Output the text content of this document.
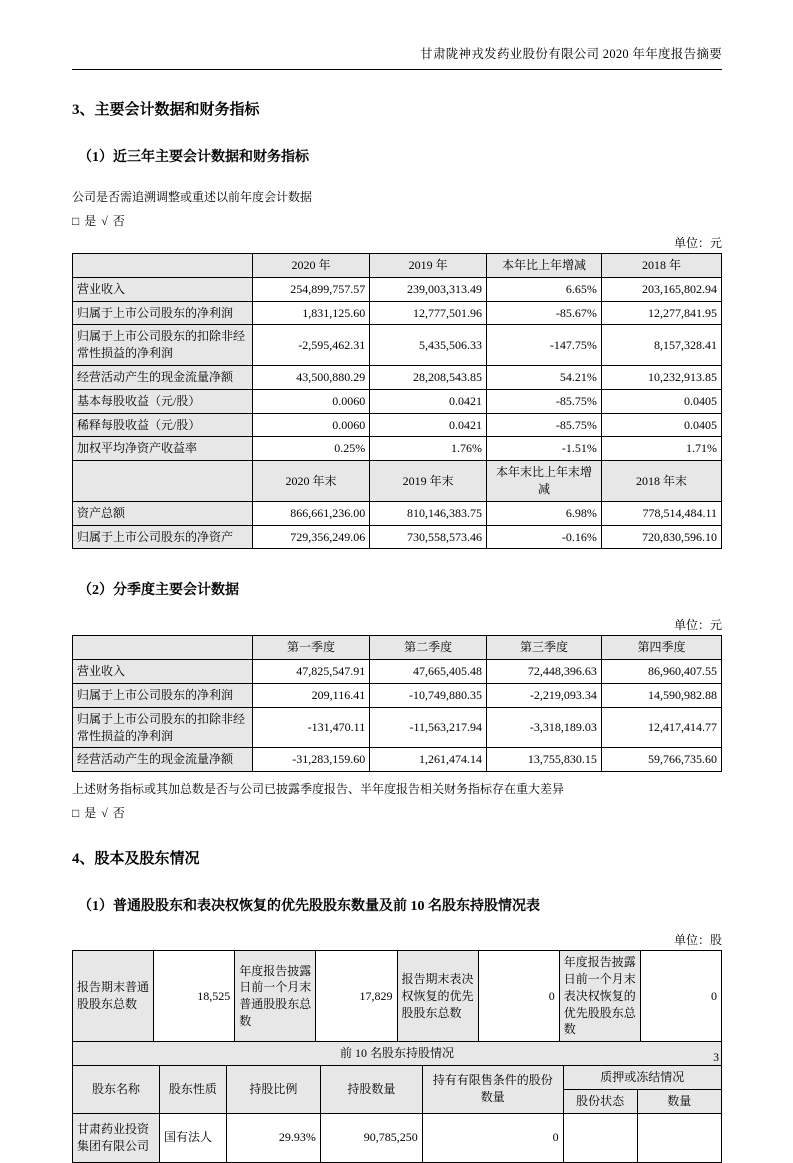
甘肃陇神戎发药业股份有限公司 2020 年年度报告摘要
3、主要会计数据和财务指标
（1）近三年主要会计数据和财务指标

公司是否需追溯调整或重述以前年度会计数据

□ 是 √ 否

单位：元

	2020 年	2019 年	本年比上年增减	2018 年
营业收入	254,899,757.57	239,003,313.49	6.65%	203,165,802.94
归属于上市公司股东的净利润	1,831,125.60	12,777,501.96	-85.67%	12,277,841.95
归属于上市公司股东的扣除非经常性损益的净利润	-2,595,462.31	5,435,506.33	-147.75%	8,157,328.41
经营活动产生的现金流量净额	43,500,880.29	28,208,543.85	54.21%	10,232,913.85
基本每股收益（元/股）	0.0060	0.0421	-85.75%	0.0405
稀释每股收益（元/股）	0.0060	0.0421	-85.75%	0.0405
加权平均净资产收益率	0.25%	1.76%	-1.51%	1.71%
	2020 年末	2019 年末	本年末比上年末增减	2018 年末
资产总额	866,661,236.00	810,146,383.75	6.98%	778,514,484.11
归属于上市公司股东的净资产	729,356,249.06	730,558,573.46	-0.16%	720,830,596.10
（2）分季度主要会计数据

单位：元

	第一季度	第二季度	第三季度	第四季度
营业收入	47,825,547.91	47,665,405.48	72,448,396.63	86,960,407.55
归属于上市公司股东的净利润	209,116.41	-10,749,880.35	-2,219,093.34	14,590,982.88
归属于上市公司股东的扣除非经常性损益的净利润	-131,470.11	-11,563,217.94	-3,318,189.03	12,417,414.77
经营活动产生的现金流量净额	-31,283,159.60	1,261,474.14	13,755,830.15	59,766,735.60

上述财务指标或其加总数是否与公司已披露季度报告、半年度报告相关财务指标存在重大差异

□ 是 √ 否

4、股本及股东情况
（1）普通股股东和表决权恢复的优先股股东数量及前 10 名股东持股情况表

单位：股

报告期末普通股股东总数	18,525	年度报告披露日前一个月末普通股股东总数	17,829	报告期末表决权恢复的优先股股东总数	0	年度报告披露日前一个月末表决权恢复的优先股股东总数	0
前 10 名股东持股情况						
股东名称	股东性质	持股比例	持股数量	持有有限售条件的股份数量	质押或冻结情况	
					股份状态	数量
甘肃药业投资集团有限公司	国有法人	29.93%	90,785,250	0		
3
